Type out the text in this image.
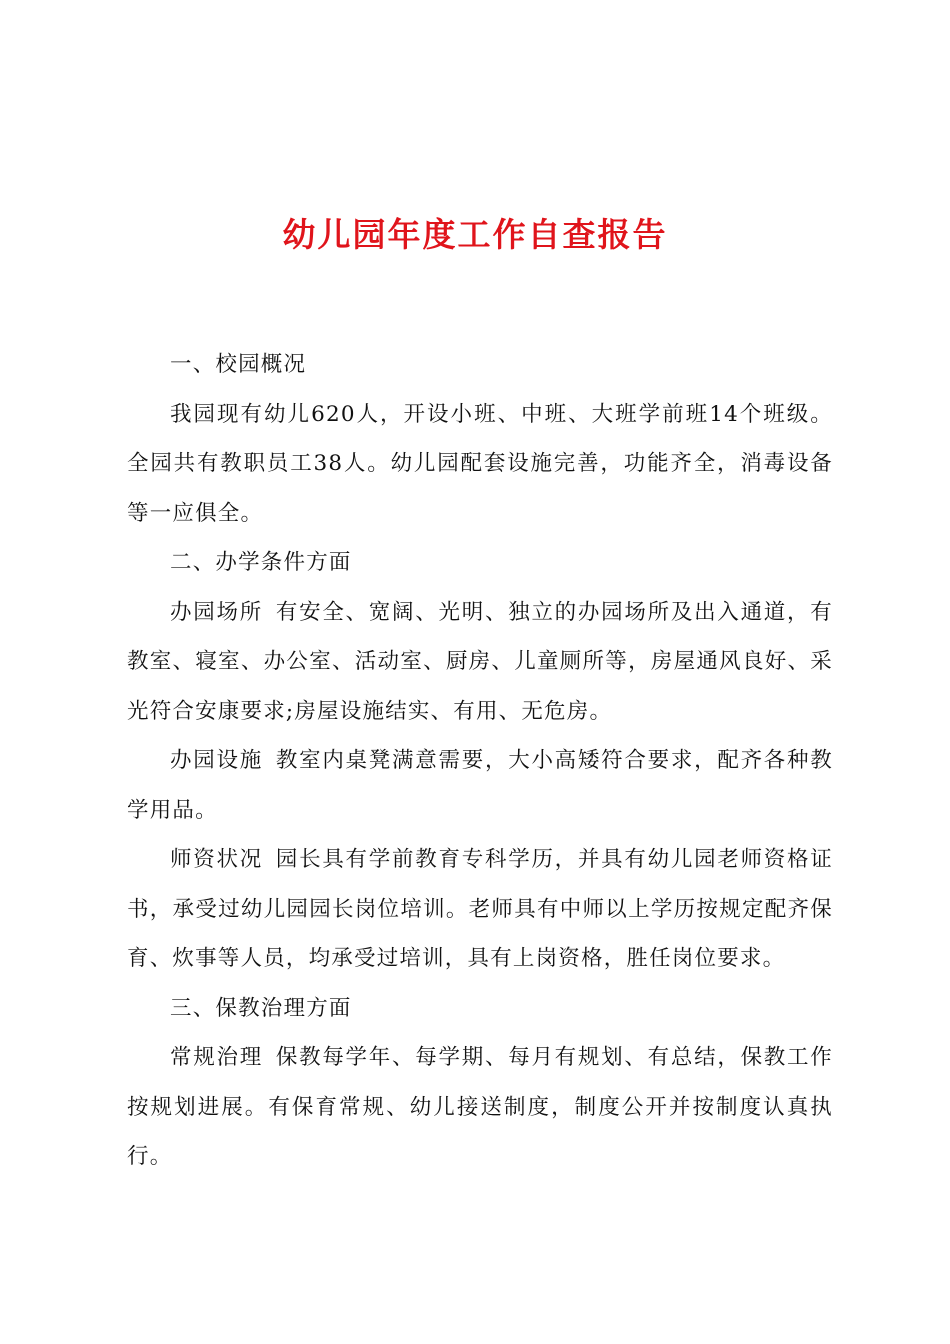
幼儿园年度工作自查报告

一、校园概况

我园现有幼儿620人，开设小班、中班、大班学前班14个班级。全园共有教职员工38人。幼儿园配套设施完善，功能齐全，消毒设备等一应俱全。

二、办学条件方面

办园场所 有安全、宽阔、光明、独立的办园场所及出入通道，有教室、寝室、办公室、活动室、厨房、儿童厕所等，房屋通风良好、采光符合安康要求;房屋设施结实、有用、无危房。

办园设施 教室内桌凳满意需要，大小高矮符合要求，配齐各种教学用品。

师资状况 园长具有学前教育专科学历，并具有幼儿园老师资格证书，承受过幼儿园园长岗位培训。老师具有中师以上学历按规定配齐保育、炊事等人员，均承受过培训，具有上岗资格，胜任岗位要求。

三、保教治理方面

常规治理 保教每学年、每学期、每月有规划、有总结，保教工作按规划进展。有保育常规、幼儿接送制度，制度公开并按制度认真执行。
